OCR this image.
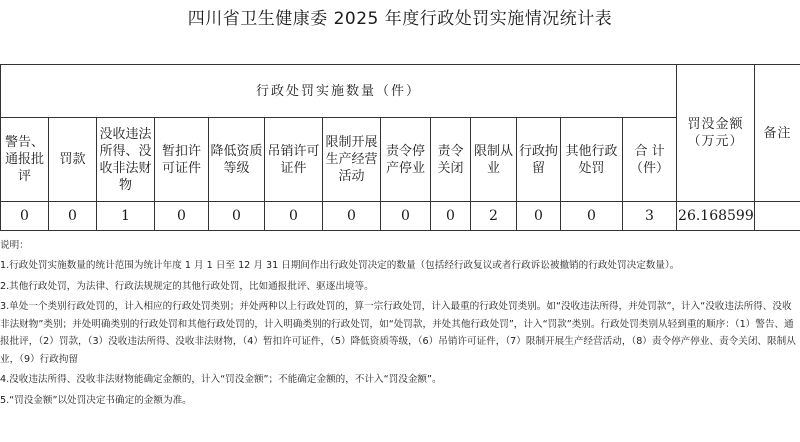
四川省卫生健康委 2025 年度行政处罚实施情况统计表
行政处罚实施数量（件）													罚没金额（万元）	备注
警告、通报批评	罚款	没收违法所得、没收非法财物	暂扣许可证件	降低资质等级	吊销许可证件	限制开展生产经营活动	责令停产停业	责令关闭	限制从业	行政拘留	其他行政处罚	合 计（件）		
0	0	1	0	0	0	0	0	0	2	0	0	3	26.168599	
说明：

1.行政处罚实施数量的统计范围为统计年度 1 月 1 日至 12 月 31 日期间作出行政处罚决定的数量（包括经行政复议或者行政诉讼被撤销的行政处罚决定数量）。

2.其他行政处罚，为法律、行政法规规定的其他行政处罚，比如通报批评、驱逐出境等。

3.单处一个类别行政处罚的，计入相应的行政处罚类别；并处两种以上行政处罚的，算一宗行政处罚，计入最重的行政处罚类别。如“没收违法所得，并处罚款”，计入“没收违法所得、没收非法财物”类别；并处明确类别的行政处罚和其他行政处罚的，计入明确类别的行政处罚，如“处罚款，并处其他行政处罚”，计入“罚款”类别。行政处罚类别从轻到重的顺序：（1）警告、通报批评，（2）罚款，（3）没收违法所得、没收非法财物，（4）暂扣许可证件，（5）降低资质等级，（6）吊销许可证件，（7）限制开展生产经营活动，（8）责令停产停业、责令关闭、限制从业，（9）行政拘留

4.没收违法所得、没收非法财物能确定金额的，计入“罚没金额”；不能确定金额的，不计入“罚没金额”。

5.“罚没金额”以处罚决定书确定的金额为准。
